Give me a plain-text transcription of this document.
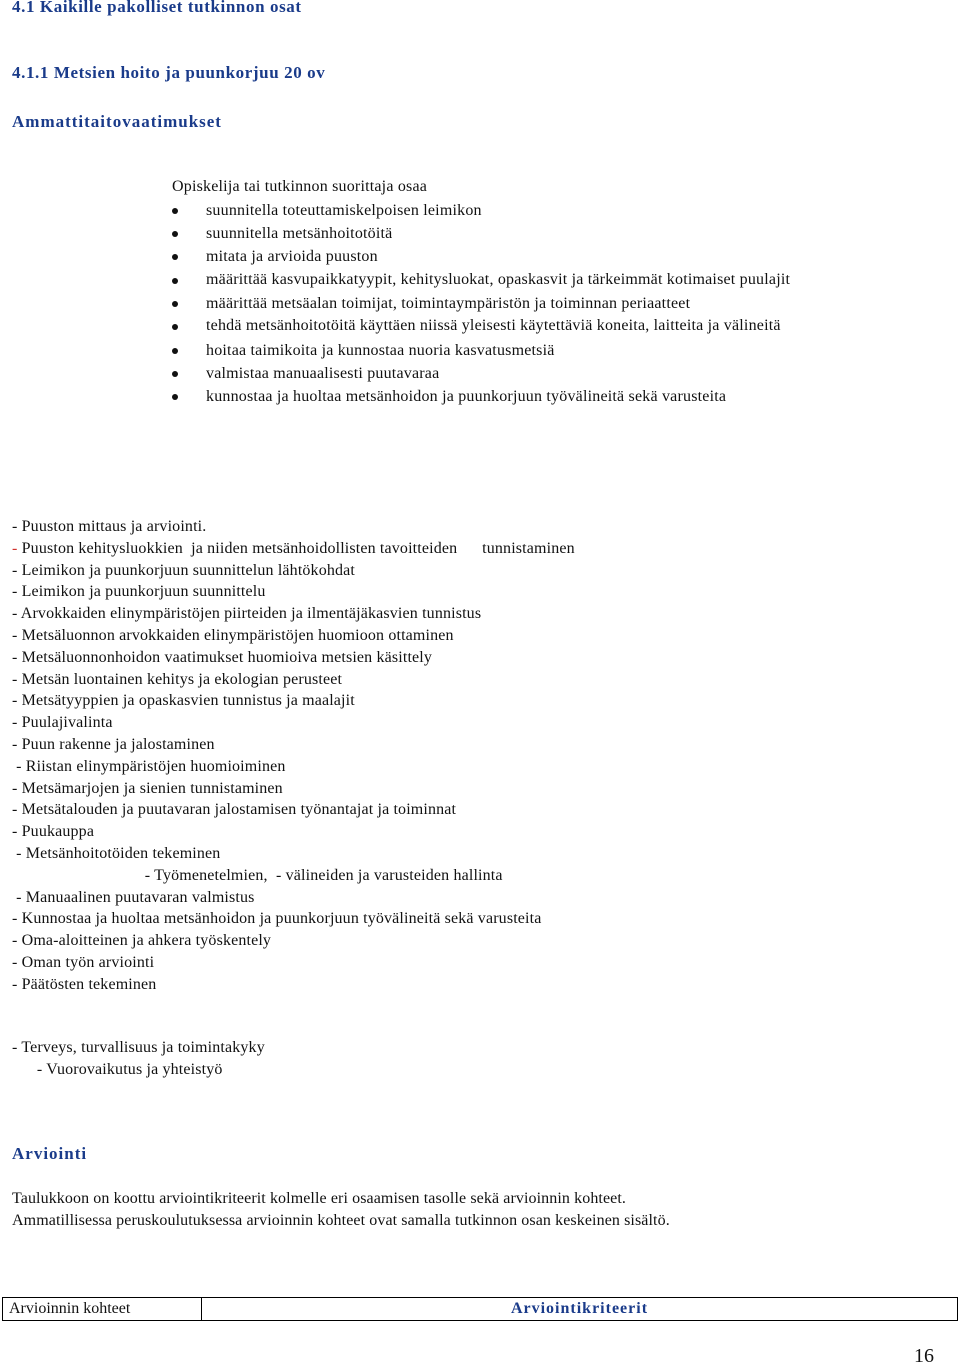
4.1 Kaikille pakolliset tutkinnon osat
4.1.1 Metsien hoito ja puunkorjuu 20 ov
Ammattitaitovaatimukset
Opiskelija tai tutkinnon suorittaja osaa
suunnitella toteuttamiskelpoisen leimikon
suunnitella metsänhoitotöitä
mitata ja arvioida puuston
määrittää kasvupaikkatyypit, kehitysluokat, opaskasvit ja tärkeimmät kotimaiset puulajit
määrittää metsäalan toimijat, toimintaympäristön ja toiminnan periaatteet
tehdä metsänhoitotöitä käyttäen niissä yleisesti käytettäviä koneita, laitteita ja välineitä
hoitaa taimikoita ja kunnostaa nuoria kasvatusmetsiä
valmistaa manuaalisesti puutavaraa
kunnostaa ja huoltaa metsänhoidon ja puunkorjuun työvälineitä sekä varusteita
- Puuston mittaus ja arviointi.
- Puuston kehitysluokkien  ja niiden metsänhoidollisten tavoitteiden      tunnistaminen
- Leimikon ja puunkorjuun suunnittelun lähtökohdat
- Leimikon ja puunkorjuun suunnittelu
- Arvokkaiden elinympäristöjen piirteiden ja ilmentäjäkasvien tunnistus
- Metsäluonnon arvokkaiden elinympäristöjen huomioon ottaminen
- Metsäluonnonhoidon vaatimukset huomioiva metsien käsittely
- Metsän luontainen kehitys ja ekologian perusteet
- Metsätyyppien ja opaskasvien tunnistus ja maalajit
- Puulajivalinta
- Puun rakenne ja jalostaminen
- Riistan elinympäristöjen huomioiminen
- Metsämarjojen ja sienien tunnistaminen
- Metsätalouden ja puutavaran jalostamisen työnantajat ja toiminnat
- Puukauppa
- Metsänhoitotöiden tekeminen
- Työmenetelmien,  - välineiden ja varusteiden hallinta
- Manuaalinen puutavaran valmistus
- Kunnostaa ja huoltaa metsänhoidon ja puunkorjuun työvälineitä sekä varusteita
- Oma-aloitteinen ja ahkera työskentely
- Oman työn arviointi
- Päätösten tekeminen
- Terveys, turvallisuus ja toimintakyky
- Vuorovaikutus ja yhteistyö
Arviointi

Taulukkoon on koottu arviointikriteerit kolmelle eri osaamisen tasolle sekä arvioinnin kohteet.

Ammatillisessa peruskoulutuksessa arvioinnin kohteet ovat samalla tutkinnon osan keskeinen sisältö.

Arvioinnin kohteet	Arviointikriteerit
16
